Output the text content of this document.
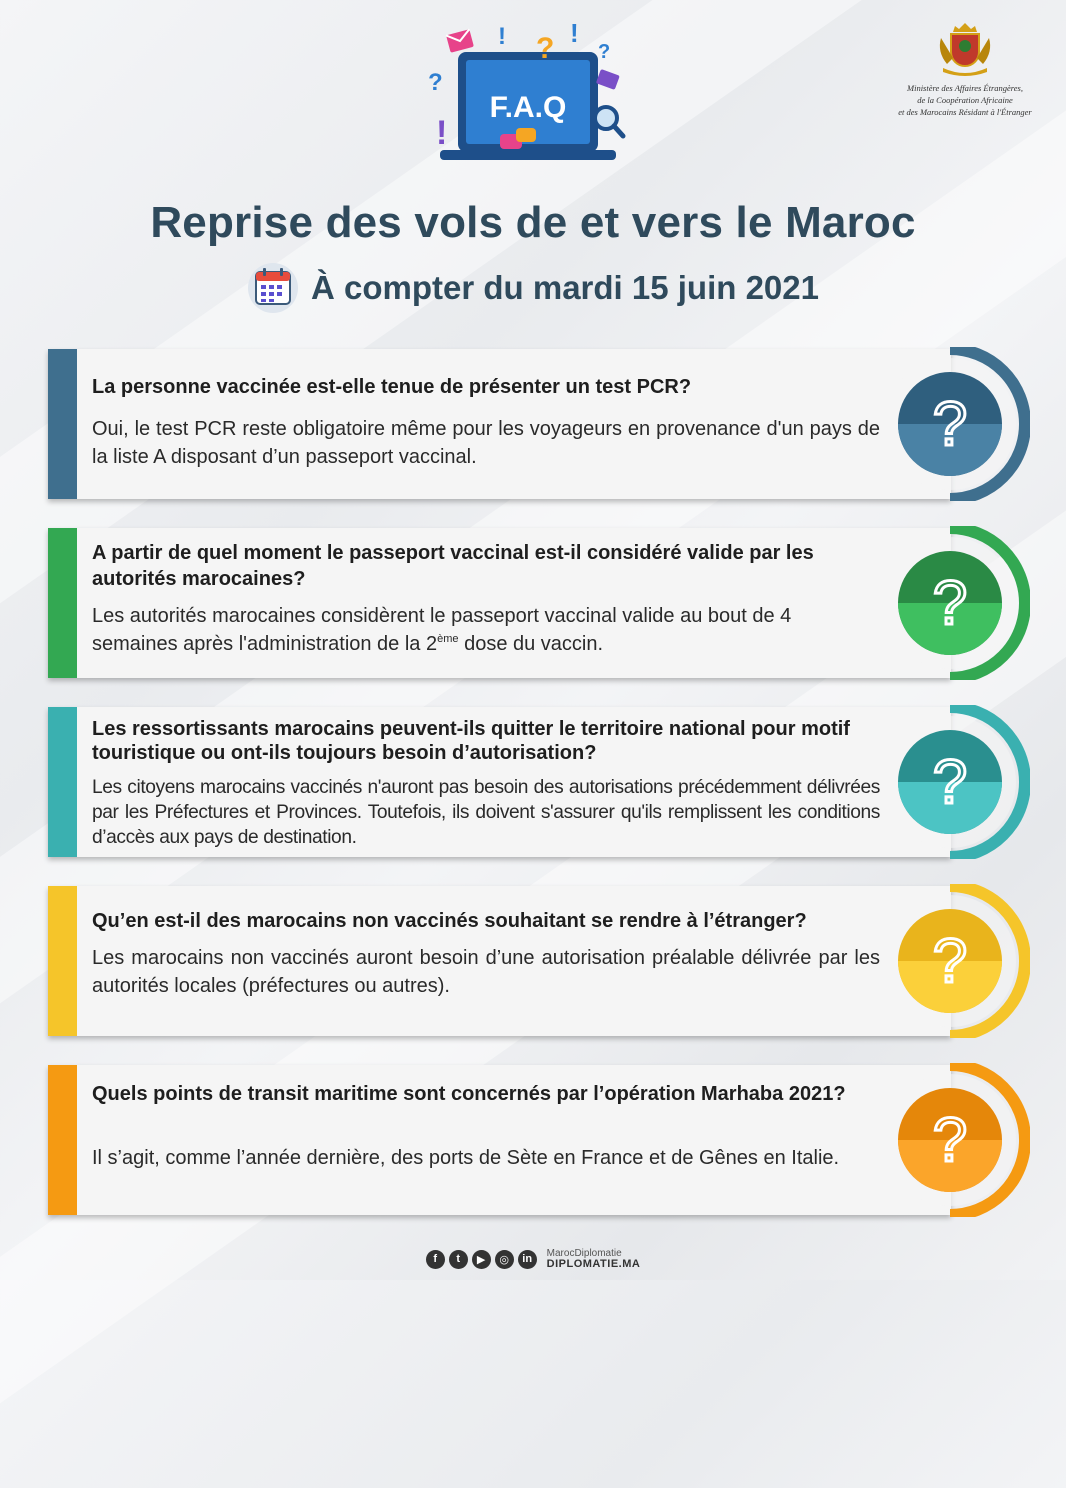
F.A.Q
! ? !
?
?
!
Ministère des Affaires Étrangères,
de la Coopération Africaine
et des Marocains Résidant à l'Étranger
Reprise des vols de et vers le Maroc
À compter du mardi 15 juin 2021
La personne vaccinée est-elle tenue de présenter un test PCR?
Oui, le test PCR reste obligatoire même pour les voyageurs en provenance d'un pays de la liste A disposant d’un passeport vaccinal.	?
A partir de quel moment le passeport vaccinal est-il considéré valide par les autorités marocaines?
Les autorités marocaines considèrent le passeport vaccinal valide au bout de 4 semaines après l'administration de la 2ème dose du vaccin.
?
Les ressortissants marocains peuvent-ils quitter le territoire national pour motif touristique ou ont-ils toujours besoin d’autorisation?
Les citoyens marocains vaccinés n'auront pas besoin des autorisations précédemment délivrées par les Préfectures et Provinces. Toutefois, ils doivent s'assurer qu'ils remplissent les conditions d’accès aux pays de destination.
?
Qu’en est-il des marocains non vaccinés souhaitant se rendre à l’étranger?
Les marocains non vaccinés auront besoin d’une autorisation préalable délivrée par les autorités locales (préfectures ou autres).	?
Quels points de transit maritime sont concernés par l’opération Marhaba 2021?
Il s’agit, comme l’année dernière, des ports de Sète en France et de Gênes en Italie.	?
f	t	▶	◎	in	MarocDiplomatie
DIPLOMATIE.MA
